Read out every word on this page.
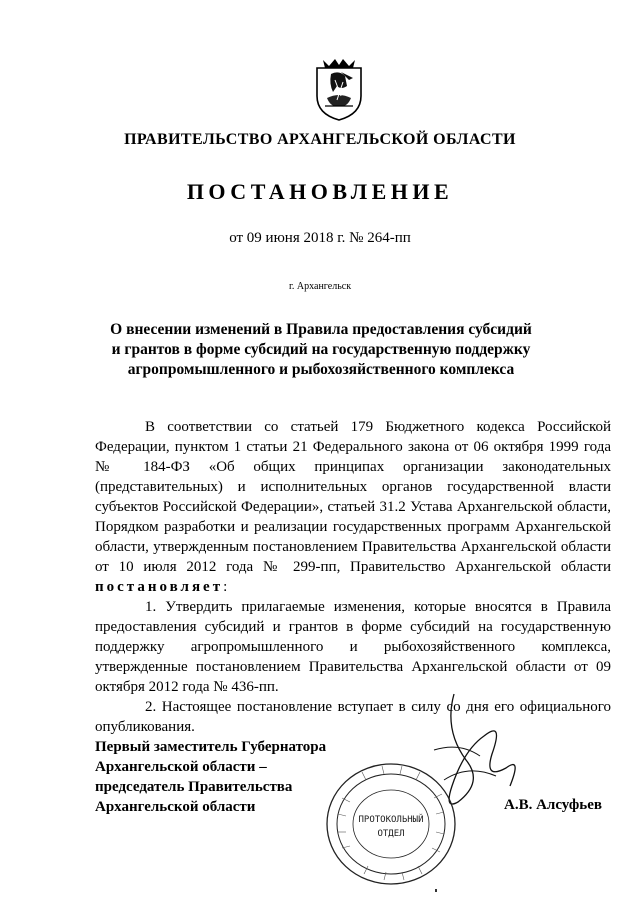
ПРАВИТЕЛЬСТВО АРХАНГЕЛЬСКОЙ ОБЛАСТИ
ПОСТАНОВЛЕНИЕ
от 09 июня 2018 г. № 264-пп
г. Архангельск
О внесении изменений в Правила предоставления субсидий
и грантов в форме субсидий на государственную поддержку
агропромышленного и рыбохозяйственного комплекса

В соответствии со статьей 179 Бюджетного кодекса Российской Федерации, пунктом 1 статьи 21 Федерального закона от 06 октября 1999 года № 184-ФЗ «Об общих принципах организации законодательных (представительных) и исполнительных органов государственной власти субъектов Российской Федерации», статьей 31.2 Устава Архангельской области, Порядком разработки и реализации государственных программ Архангельской области, утвержденным постановлением Правительства Архангельской области от 10 июля 2012 года № 299-пп, Правительство Архангельской области постановляет:

1. Утвердить прилагаемые изменения, которые вносятся в Правила предоставления субсидий и грантов в форме субсидий на государственную поддержку агропромышленного и рыбохозяйственного комплекса, утвержденные постановлением Правительства Архангельской области от 09 октября 2012 года № 436-пп.

2. Настоящее постановление вступает в силу со дня его официального опубликования.

ПРОТОКОЛЬНЫЙ
ОТДЕЛ
Первый заместитель Губернатора
Архангельской области –
председатель Правительства
Архангельской области	А.В. Алсуфьев
